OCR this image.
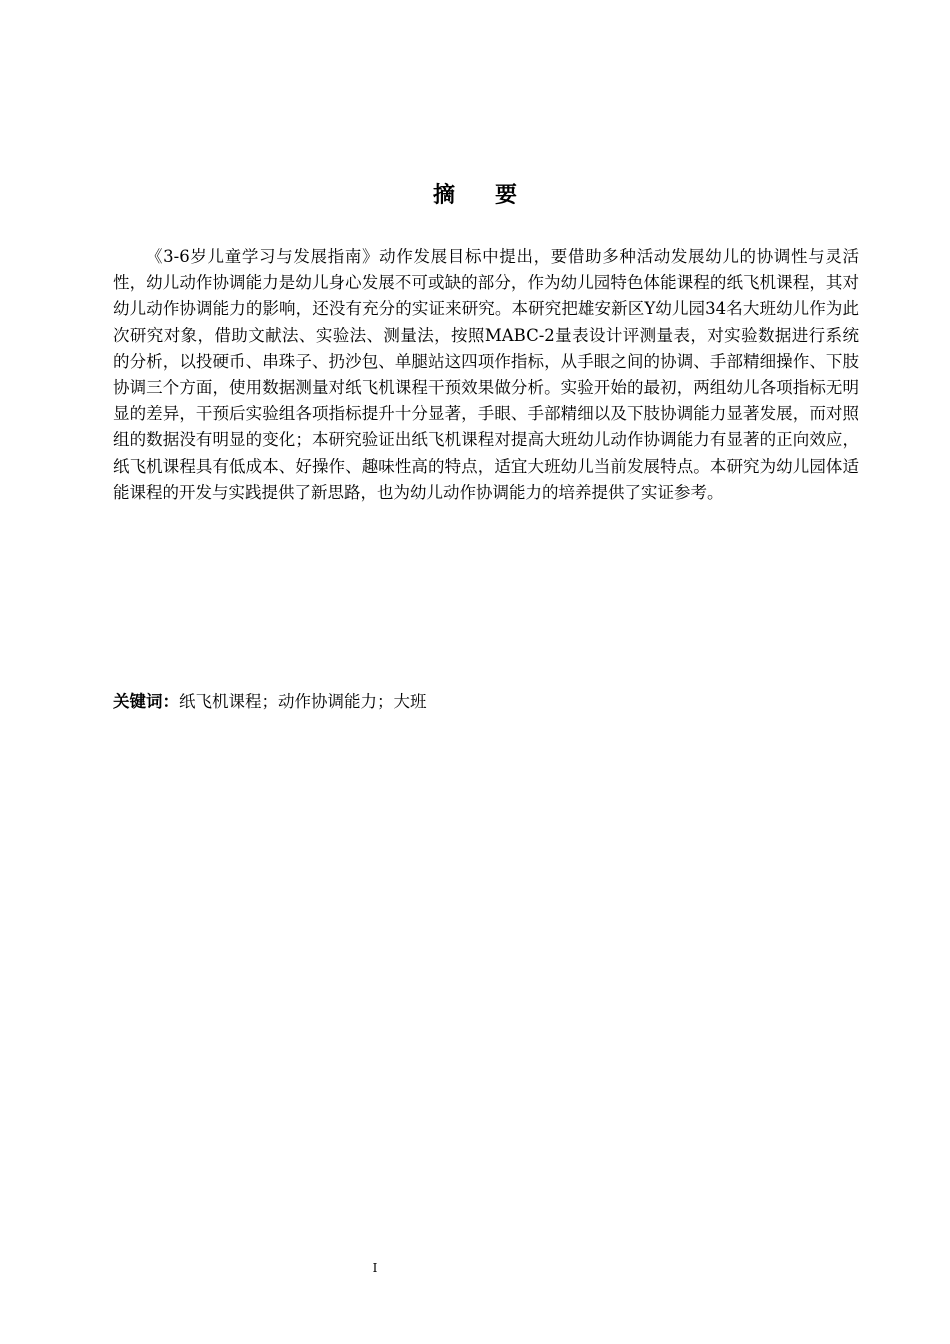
摘 要

《3-6岁儿童学习与发展指南》动作发展目标中提出，要借助多种活动发展幼儿的协调性与灵活性，幼儿动作协调能力是幼儿身心发展不可或缺的部分，作为幼儿园特色体能课程的纸飞机课程，其对幼儿动作协调能力的影响，还没有充分的实证来研究。本研究把雄安新区Y幼儿园34名大班幼儿作为此次研究对象，借助文献法、实验法、测量法，按照MABC-2量表设计评测量表，对实验数据进行系统的分析，以投硬币、串珠子、扔沙包、单腿站这四项作指标，从手眼之间的协调、手部精细操作、下肢协调三个方面，使用数据测量对纸飞机课程干预效果做分析。实验开始的最初，两组幼儿各项指标无明显的差异，干预后实验组各项指标提升十分显著，手眼、手部精细以及下肢协调能力显著发展，而对照组的数据没有明显的变化；本研究验证出纸飞机课程对提高大班幼儿动作协调能力有显著的正向效应，纸飞机课程具有低成本、好操作、趣味性高的特点，适宜大班幼儿当前发展特点。本研究为幼儿园体适能课程的开发与实践提供了新思路，也为幼儿动作协调能力的培养提供了实证参考。

关键词：纸飞机课程；动作协调能力；大班

I
